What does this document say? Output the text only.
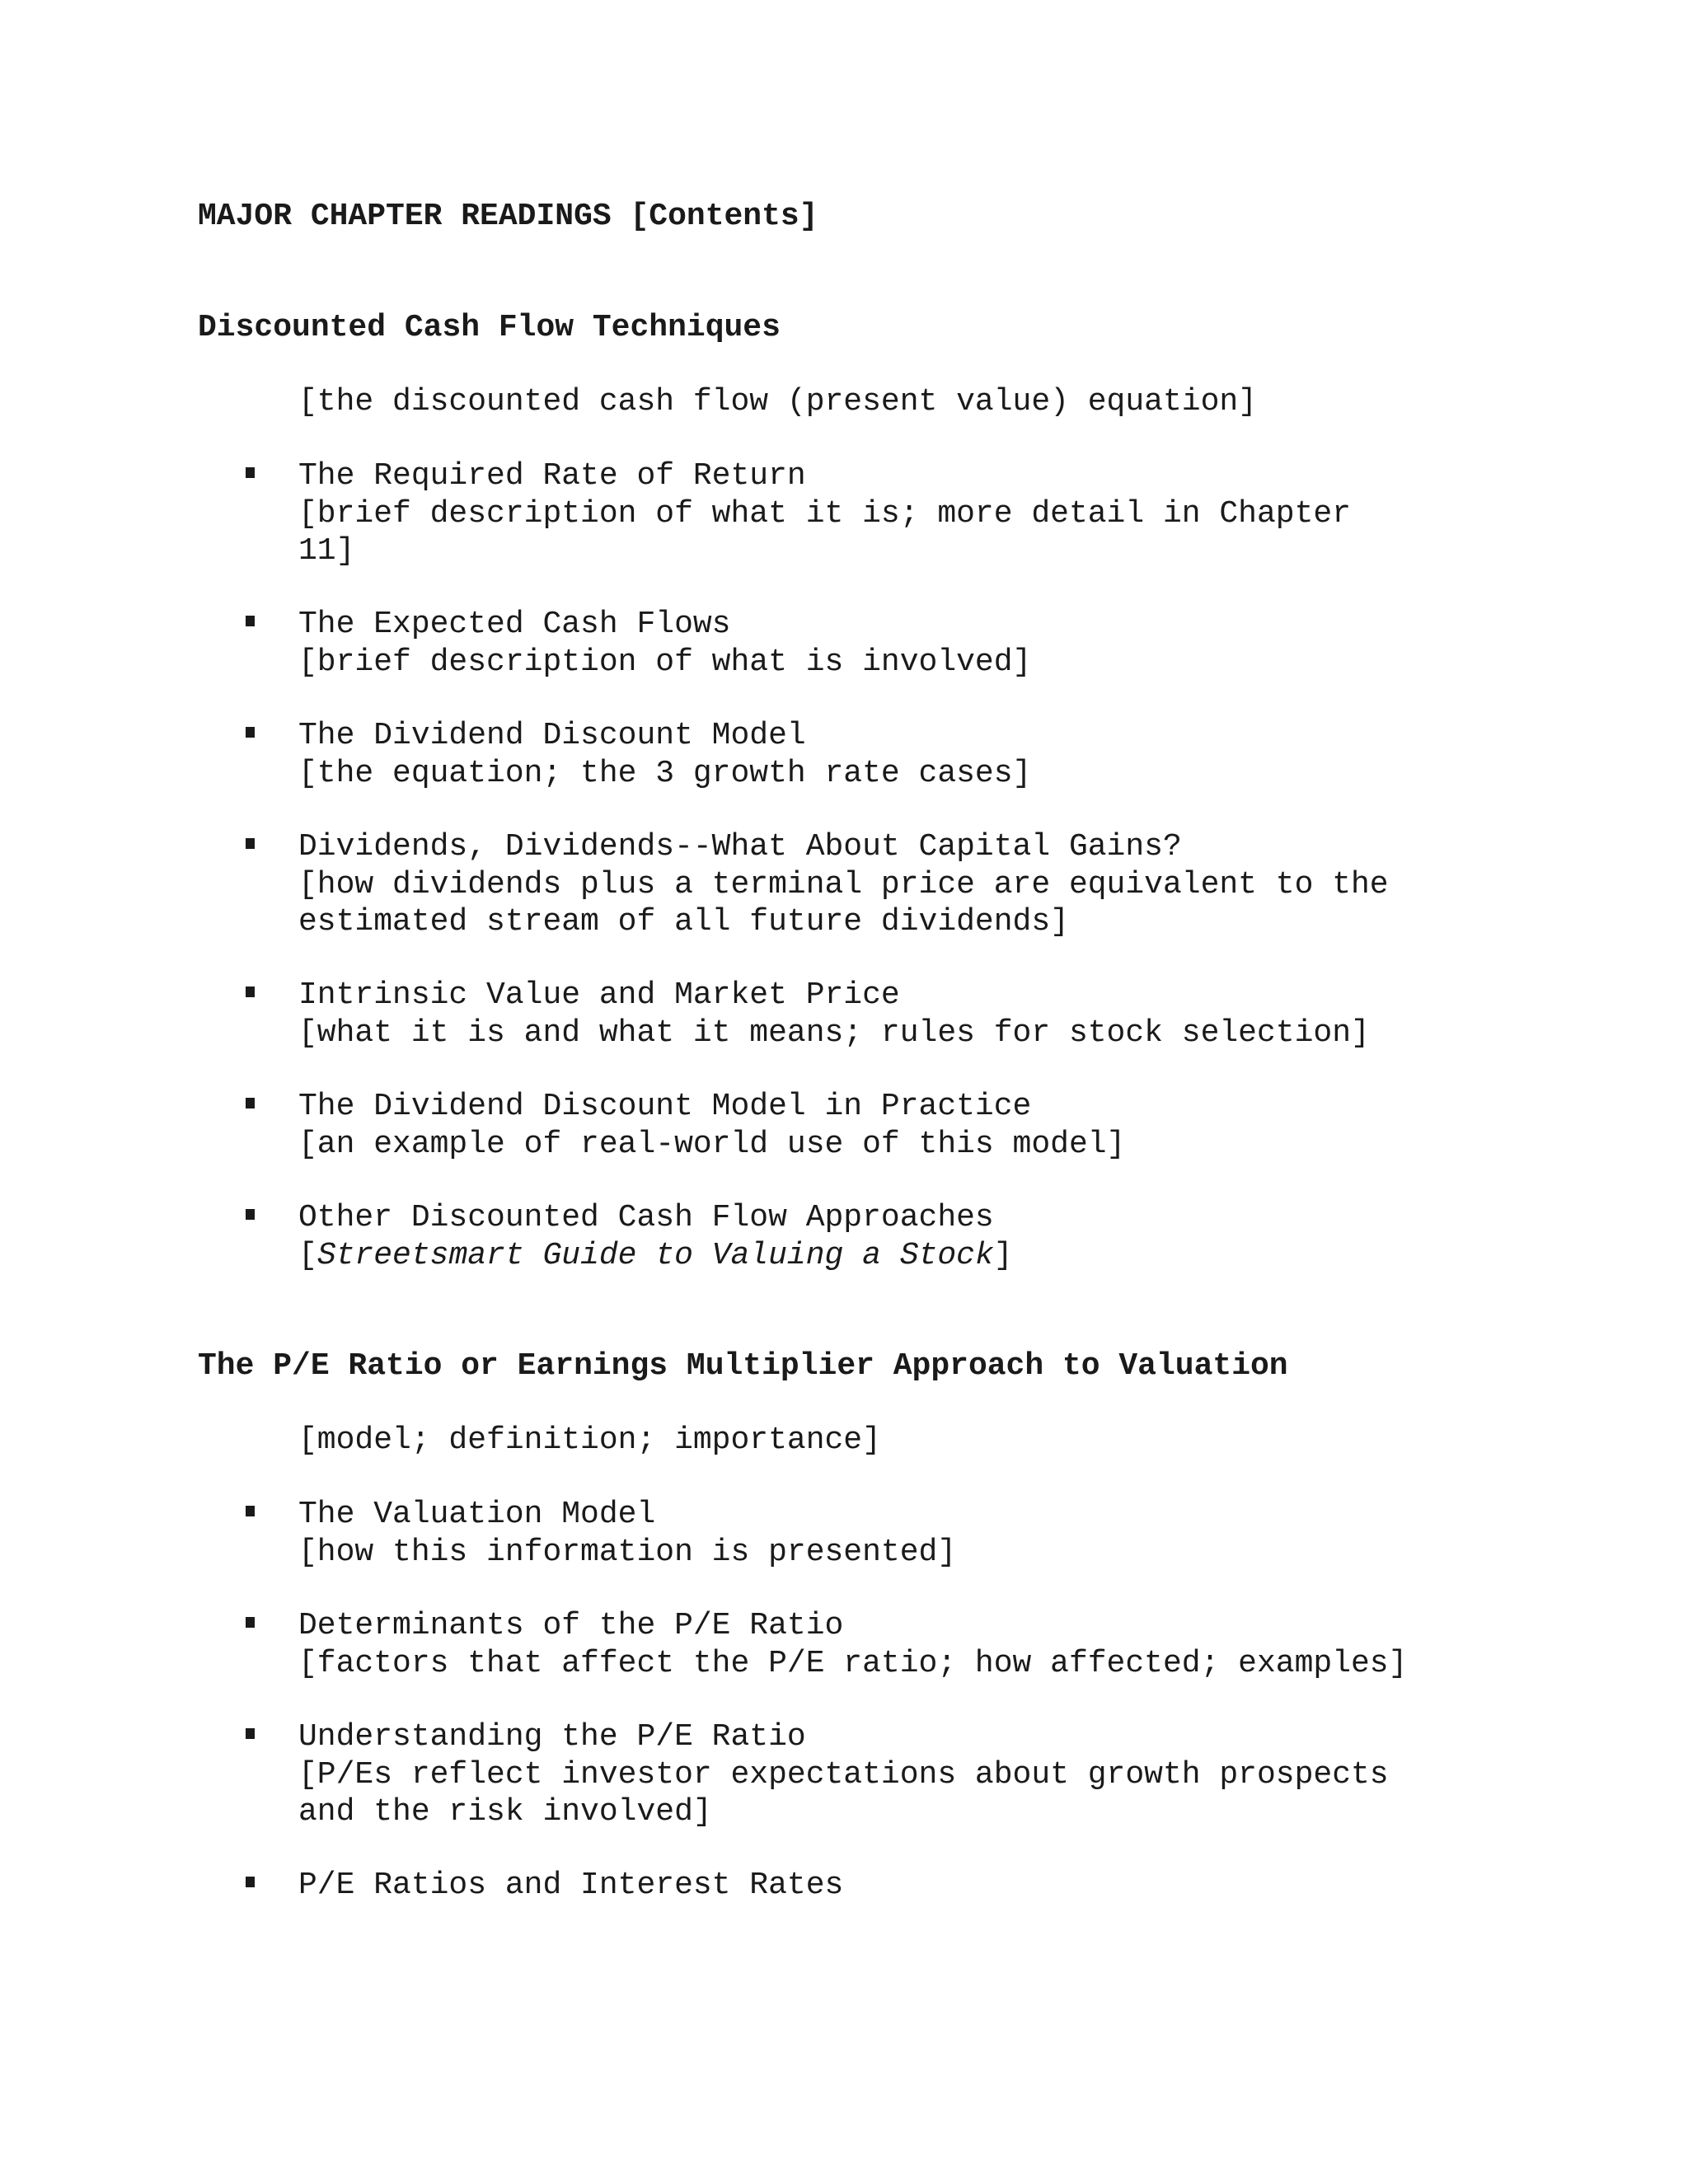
MAJOR CHAPTER READINGS [Contents]
Discounted Cash Flow Techniques
[the discounted cash flow (present value) equation]
The Required Rate of Return
[brief description of what it is; more detail in Chapter
11]
The Expected Cash Flows
[brief description of what is involved]
The Dividend Discount Model
[the equation; the 3 growth rate cases]
Dividends, Dividends--What About Capital Gains?
[how dividends plus a terminal price are equivalent to the
estimated stream of all future dividends]
Intrinsic Value and Market Price
[what it is and what it means; rules for stock selection]
The Dividend Discount Model in Practice
[an example of real-world use of this model]
Other Discounted Cash Flow Approaches
[Streetsmart Guide to Valuing a Stock]
The P/E Ratio or Earnings Multiplier Approach to Valuation
[model; definition; importance]
The Valuation Model
[how this information is presented]
Determinants of the P/E Ratio
[factors that affect the P/E ratio; how affected; examples]
Understanding the P/E Ratio
[P/Es reflect investor expectations about growth prospects
and the risk involved]
P/E Ratios and Interest Rates
